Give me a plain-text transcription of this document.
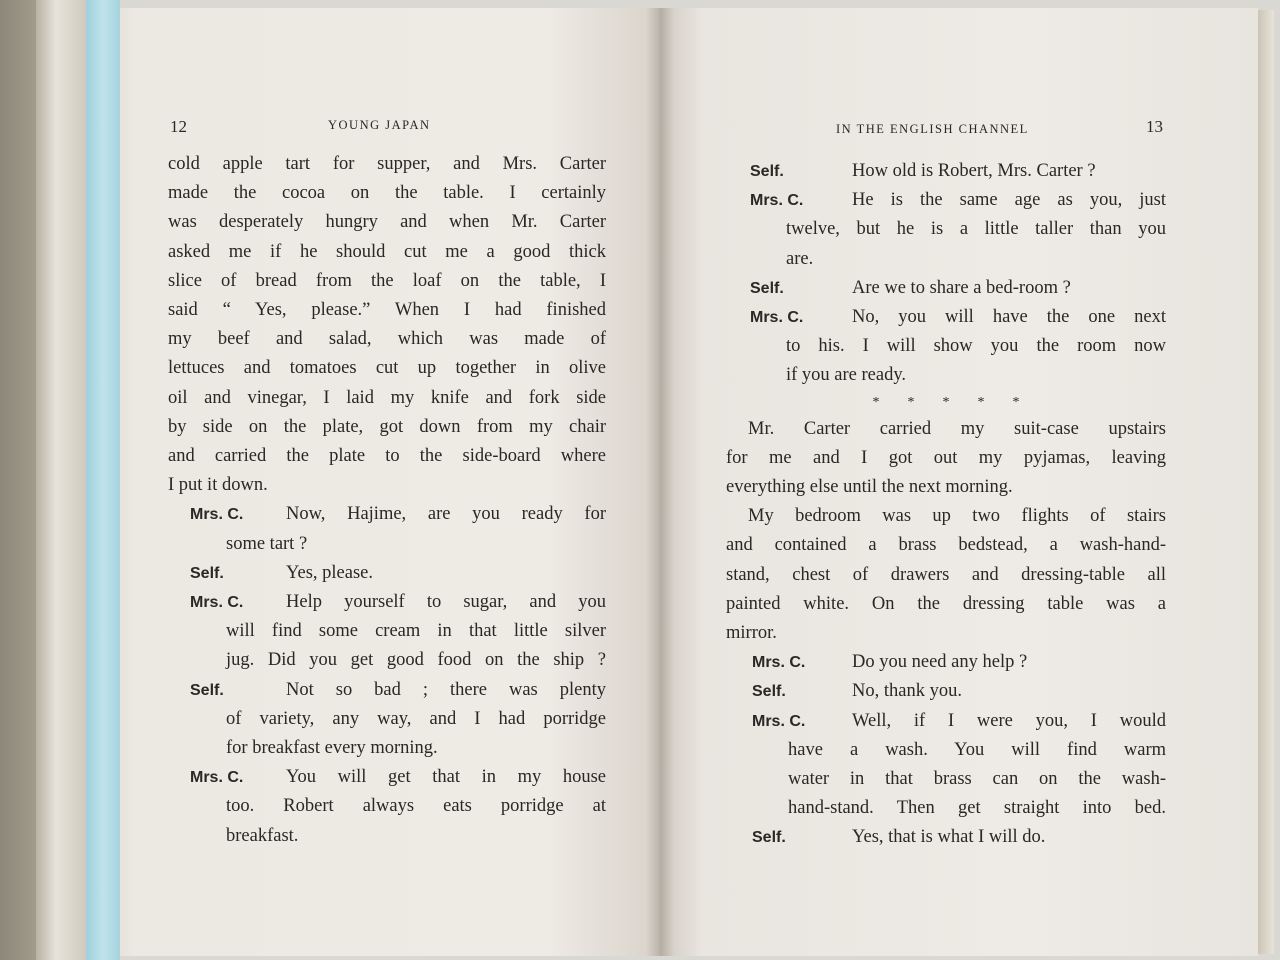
12	YOUNG JAPAN
cold apple tart for supper, and Mrs. Carter
made the cocoa on the table. I certainly
was desperately hungry and when Mr. Carter
asked me if he should cut me a good thick
slice of bread from the loaf on the table, I
said “ Yes, please.” When I had finished
my beef and salad, which was made of
lettuces and tomatoes cut up together in olive
oil and vinegar, I laid my knife and fork side
by side on the plate, got down from my chair
and carried the plate to the side-board where
I put it down.
Mrs. C.	Now, Hajime, are you ready for
some tart ?
Self.	Yes, please.
Mrs. C.	Help yourself to sugar, and you
will find some cream in that little silver
jug. Did you get good food on the ship ?
Self.	Not so bad ; there was plenty
of variety, any way, and I had porridge
for breakfast every morning.
Mrs. C.	You will get that in my house
too. Robert always eats porridge at
breakfast.
IN THE ENGLISH CHANNEL	13
Self.	How old is Robert, Mrs. Carter ?
Mrs. C.	He is the same age as you, just
twelve, but he is a little taller than you
are.
Self.	Are we to share a bed-room ?
Mrs. C.	No, you will have the one next
to his. I will show you the room now
if you are ready.
*        *        *        *        *
Mr. Carter carried my suit-case upstairs
for me and I got out my pyjamas, leaving
everything else until the next morning.
My bedroom was up two flights of stairs
and contained a brass bedstead, a wash-hand-
stand, chest of drawers and dressing-table all
painted white. On the dressing table was a
mirror.
Mrs. C.	Do you need any help ?
Self.	No, thank you.
Mrs. C.	Well, if I were you, I would
have a wash. You will find warm
water in that brass can on the wash-
hand-stand. Then get straight into bed.
Self.	Yes, that is what I will do.
